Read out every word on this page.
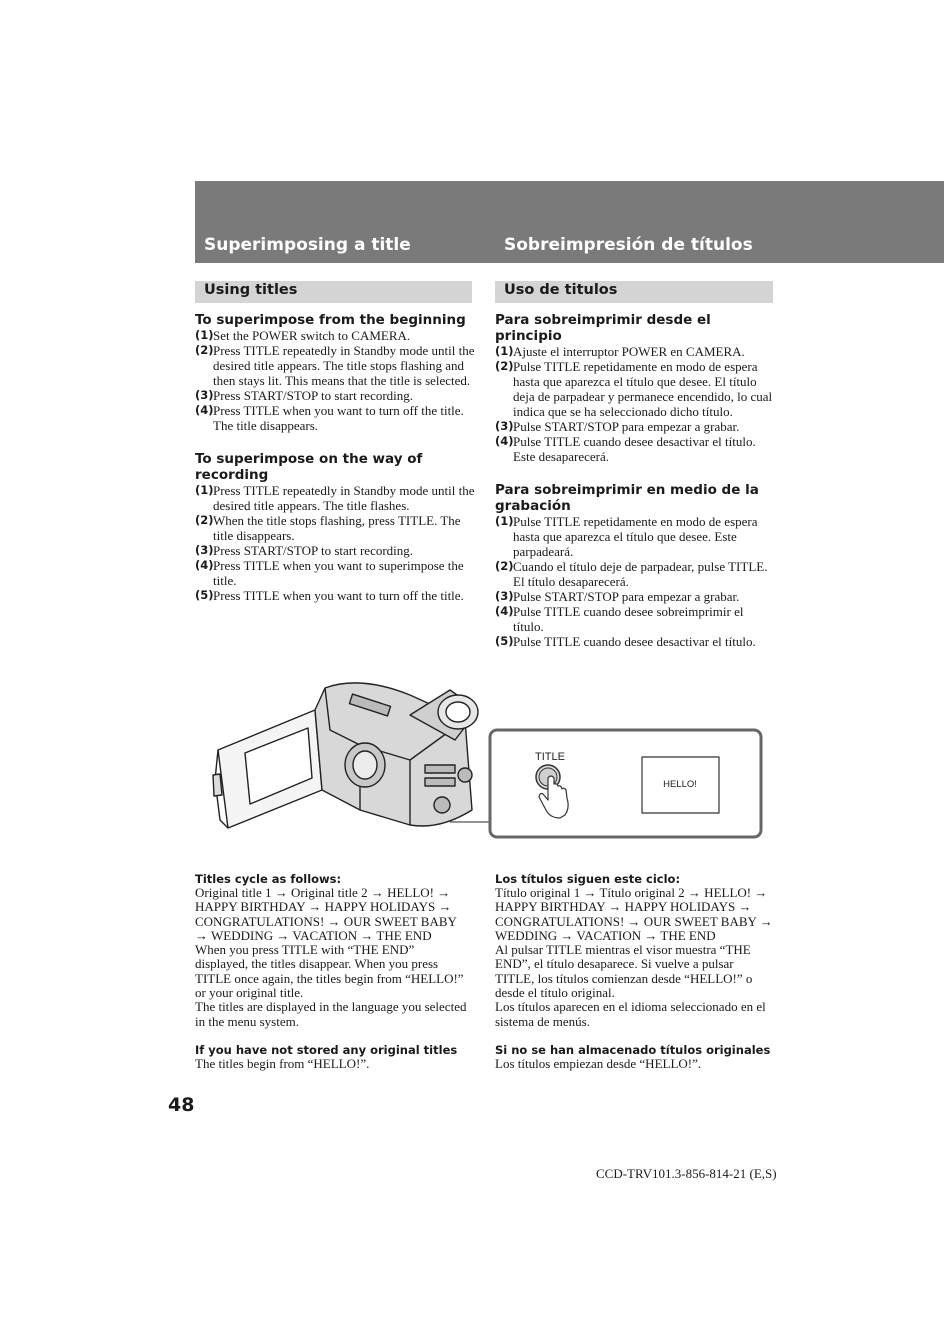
Superimposing a title	Sobreimpresión de títulos
Using titles	Uso de titulos
To superimpose from the beginning
(1) Set the POWER switch to CAMERA.
(2) Press TITLE repeatedly in Standby mode until the desired title appears. The title stops flashing and then stays lit. This means that the title is selected.
(3) Press START/STOP to start recording.
(4) Press TITLE when you want to turn off the title. The title disappears.
To superimpose on the way of recording
(1) Press TITLE repeatedly in Standby mode until the desired title appears. The title flashes.
(2) When the title stops flashing, press TITLE. The title disappears.
(3) Press START/STOP to start recording.
(4) Press TITLE when you want to superimpose the title.
(5) Press TITLE when you want to turn off the title.
Para sobreimprimir desde el principio
(1) Ajuste el interruptor POWER en CAMERA.
(2) Pulse TITLE repetidamente en modo de espera hasta que aparezca el título que desee. El título deja de parpadear y permanece encendido, lo cual indica que se ha seleccionado dicho título.
(3) Pulse START/STOP para empezar a grabar.
(4) Pulse TITLE cuando desee desactivar el título. Este desaparecerá.
Para sobreimprimir en medio de la grabación
(1) Pulse TITLE repetidamente en modo de espera hasta que aparezca el título que desee. Este parpadeará.
(2) Cuando el título deje de parpadear, pulse TITLE. El título desaparecerá.
(3) Pulse START/STOP para empezar a grabar.
(4) Pulse TITLE cuando desee sobreimprimir el título.
(5) Pulse TITLE cuando desee desactivar el título.
TITLE
HELLO!
Titles cycle as follows:
Original title 1 → Original title 2 → HELLO! → HAPPY BIRTHDAY → HAPPY HOLIDAYS → CONGRATULATIONS! → OUR SWEET BABY → WEDDING → VACATION → THE END
When you press TITLE with “THE END” displayed, the titles disappear. When you press TITLE once again, the titles begin from “HELLO!” or your original title.
The titles are displayed in the language you selected in the menu system.
If you have not stored any original titles
The titles begin from “HELLO!”.
Los títulos siguen este ciclo:
Título original 1 → Título original 2 → HELLO! → HAPPY BIRTHDAY → HAPPY HOLIDAYS → CONGRATULATIONS! → OUR SWEET BABY → WEDDING → VACATION → THE END
Al pulsar TITLE mientras el visor muestra “THE END”, el título desaparece. Si vuelve a pulsar TITLE, los títulos comienzan desde “HELLO!” o desde el título original.
Los títulos aparecen en el idioma seleccionado en el sistema de menús.
Si no se han almacenado títulos originales
Los títulos empiezan desde “HELLO!”.
48
CCD-TRV101.3-856-814-21 (E,S)
